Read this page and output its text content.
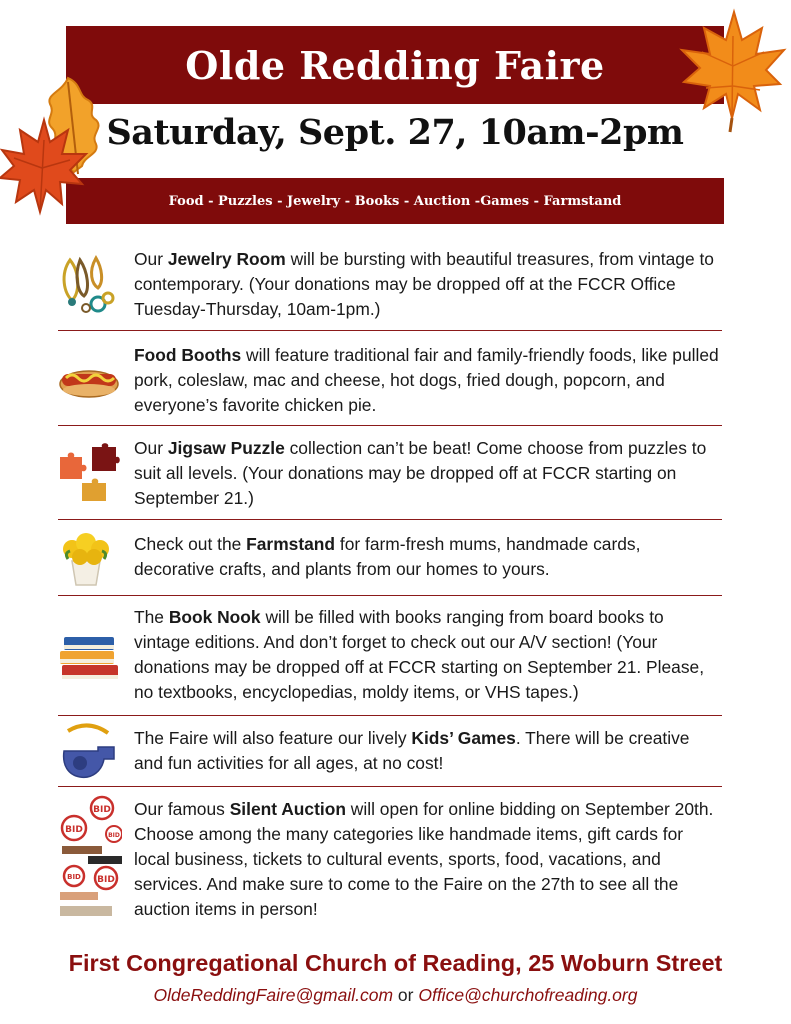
Olde Redding Faire
Saturday, Sept. 27, 10am-2pm
Food - Puzzles - Jewelry - Books - Auction -Games - Farmstand
Our Jewelry Room will be bursting with beautiful treasures, from vintage to contemporary. (Your donations may be dropped off at the FCCR Office Tuesday-Thursday, 10am-1pm.)
Food Booths will feature traditional fair and family-friendly foods, like pulled pork, coleslaw, mac and cheese, hot dogs, fried dough, popcorn, and everyone’s favorite chicken pie.
Our Jigsaw Puzzle collection can’t be beat! Come choose from puzzles to suit all levels. (Your donations may be dropped off at FCCR starting on September 21.)
Check out the Farmstand for farm-fresh mums, handmade cards, decorative crafts, and plants from our homes to yours.
The Book Nook will be filled with books ranging from board books to vintage editions. And don’t forget to check out our A/V section! (Your donations may be dropped off at FCCR starting on September 21. Please, no textbooks, encyclopedias, moldy items, or VHS tapes.)
The Faire will also feature our lively Kids’ Games. There will be creative and fun activities for all ages, at no cost!
BID
BID
BID
BID BID
Our famous Silent Auction will open for online bidding on September 20th. Choose among the many categories like handmade items, gift cards for local business, tickets to cultural events, sports, food, vacations, and services. And make sure to come to the Faire on the 27th to see all the auction items in person!
First Congregational Church of Reading, 25 Woburn Street
OldeReddingFaire@gmail.com or Office@churchofreading.org
